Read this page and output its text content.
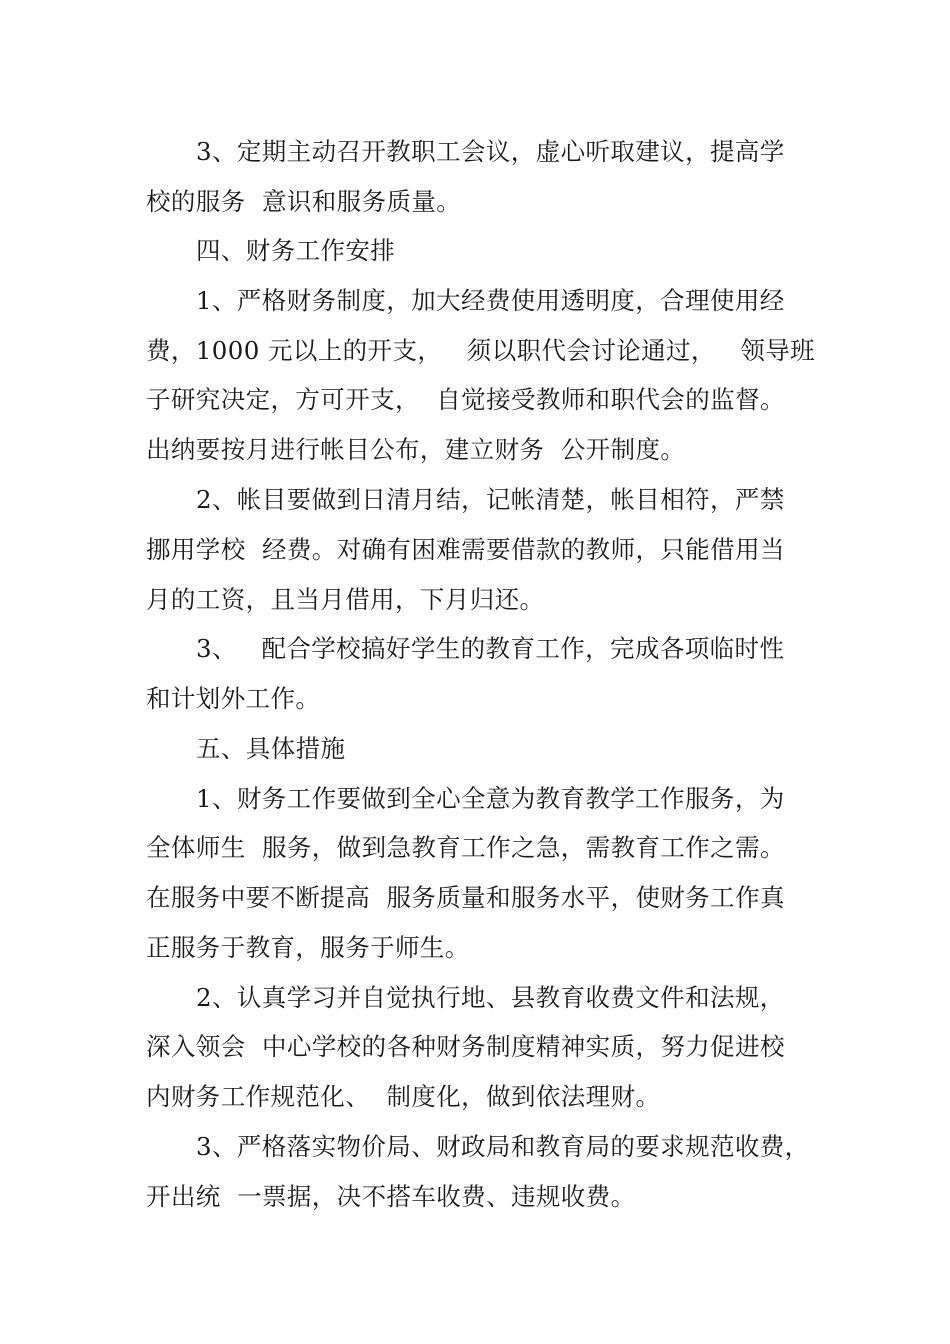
3、定期主动召开教职工会议，虚心听取建议，提高学
校的服务  意识和服务质量。
四、财务工作安排
1、严格财务制度，加大经费使用透明度，合理使用经
费，1000 元以上的开支，   须以职代会讨论通过，   领导班
子研究决定，方可开支，  自觉接受教师和职代会的监督。
出纳要按月进行帐目公布，建立财务  公开制度。
2、帐目要做到日清月结，记帐清楚，帐目相符，严禁
挪用学校  经费。对确有困难需要借款的教师，只能借用当
月的工资，且当月借用，下月归还。
3、   配合学校搞好学生的教育工作，完成各项临时性
和计划外工作。
五、具体措施
1、财务工作要做到全心全意为教育教学工作服务，为
全体师生  服务，做到急教育工作之急，需教育工作之需。
在服务中要不断提高  服务质量和服务水平，使财务工作真
正服务于教育，服务于师生。
2、认真学习并自觉执行地、县教育收费文件和法规，
深入领会  中心学校的各种财务制度精神实质，努力促进校
内财务工作规范化、  制度化，做到依法理财。
3、严格落实物价局、财政局和教育局的要求规范收费，
开出统  一票据，决不搭车收费、违规收费。
